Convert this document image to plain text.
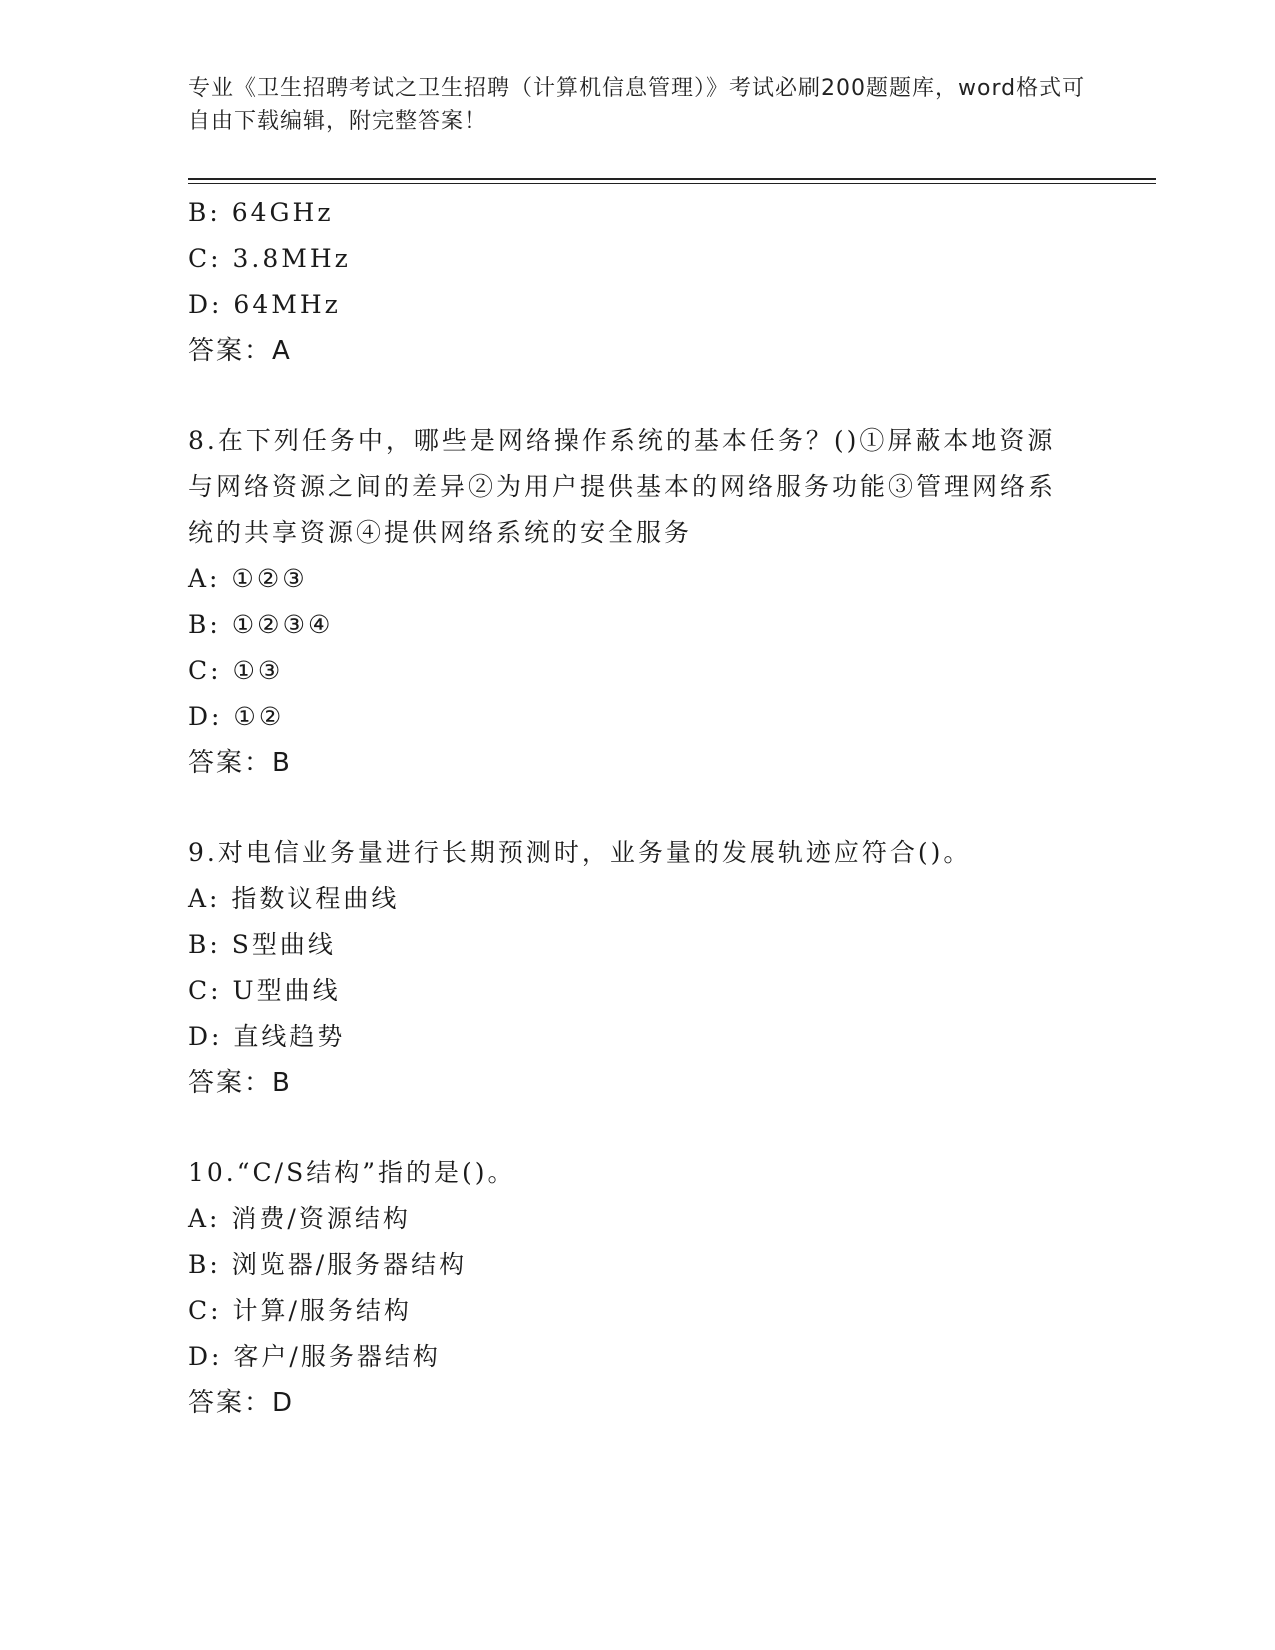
专业《卫生招聘考试之卫生招聘（计算机信息管理）》考试必刷200题题库，word格式可自由下载编辑，附完整答案！
B: 64GHz
C: 3.8MHz
D: 64MHz
答案：A
8.在下列任务中，哪些是网络操作系统的基本任务？()①屏蔽本地资源与网络资源之间的差异②为用户提供基本的网络服务功能③管理网络系统的共享资源④提供网络系统的安全服务
A: ①②③
B: ①②③④
C: ①③
D: ①②
答案：B
9.对电信业务量进行长期预测时，业务量的发展轨迹应符合()。
A: 指数议程曲线
B: S型曲线
C: U型曲线
D: 直线趋势
答案：B
10.“C/S结构”指的是()。
A: 消费/资源结构
B: 浏览器/服务器结构
C: 计算/服务结构
D: 客户/服务器结构
答案：D
